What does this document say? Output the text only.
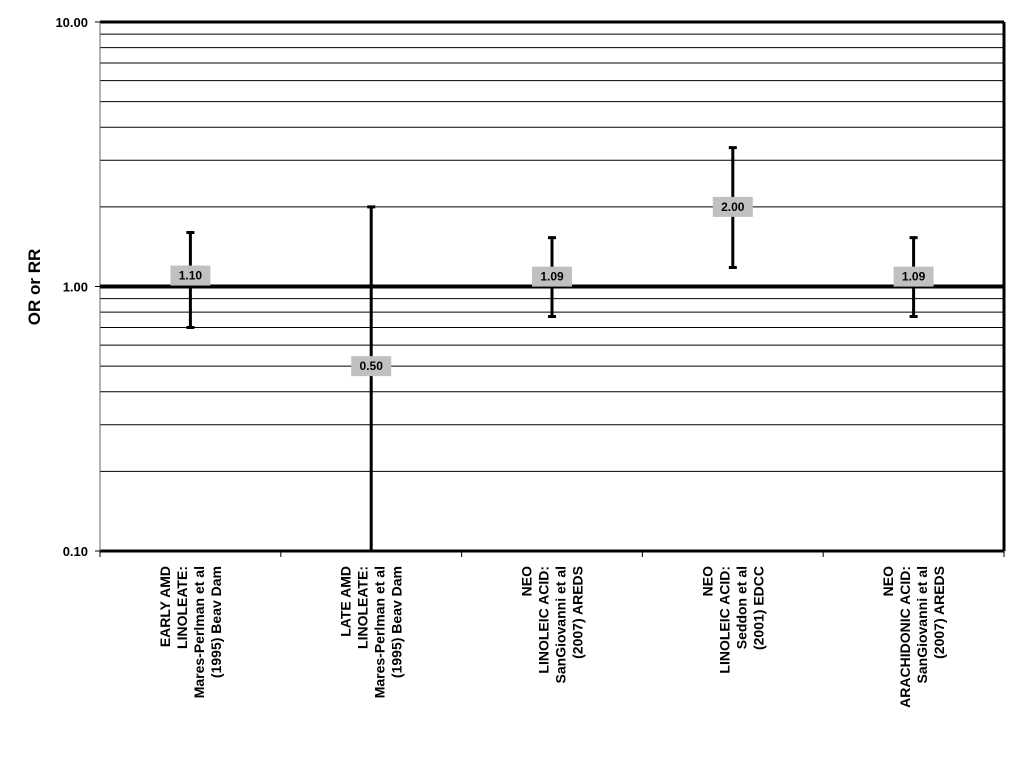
0.10
1.00
10.00
OR or RR	1.10
0.50
1.09
2.00
1.09
EARLY AMD LINOLEATE: Mares-Perlman et al (1995) Beav Dam	LATE AMD LINOLEATE: Mares-Perlman et al (1995) Beav Dam	NEO LINOLEIC ACID: SanGiovanni et al (2007) AREDS	NEO LINOLEIC ACID: Seddon et al (2001) EDCC	NEO ARACHIDONIC ACID: SanGiovanni et al (2007) AREDS
